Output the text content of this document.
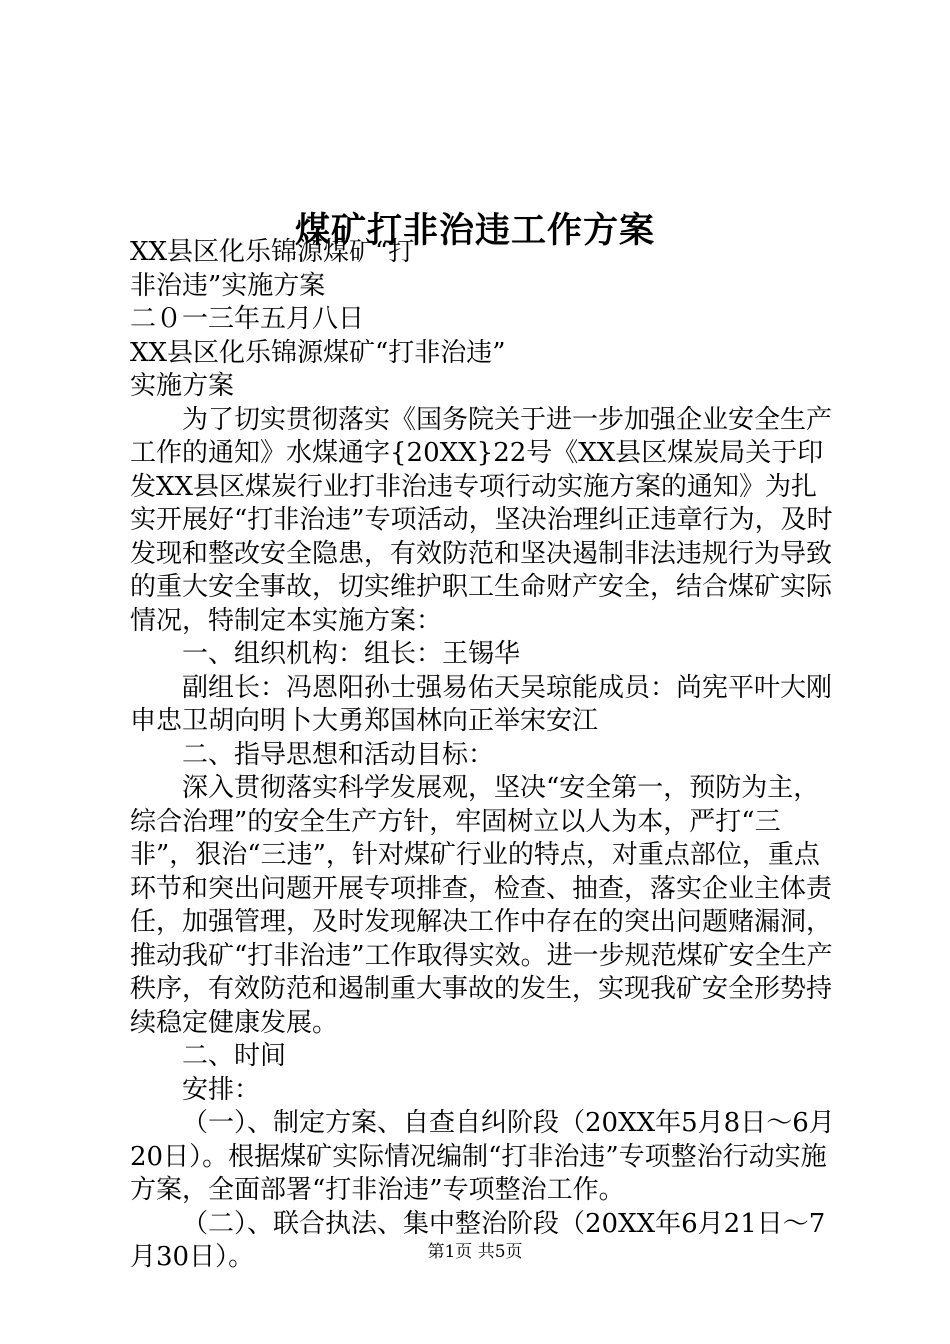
煤矿打非治违工作方案

XX县区化乐锦源煤矿“打

非治违”实施方案

二０一三年五月八日

XX县区化乐锦源煤矿“打非治违”

实施方案

为了切实贯彻落实《国务院关于进一步加强企业安全生产工作的通知》水煤通字{20XX}22号《XX县区煤炭局关于印发XX县区煤炭行业打非治违专项行动实施方案的通知》为扎实开展好“打非治违”专项活动，坚决治理纠正违章行为，及时发现和整改安全隐患，有效防范和坚决遏制非法违规行为导致的重大安全事故，切实维护职工生命财产安全，结合煤矿实际情况，特制定本实施方案：

一、组织机构：组长：王锡华

副组长：冯恩阳孙士强易佑天吴琼能成员：尚宪平叶大刚申忠卫胡向明卜大勇郑国林向正举宋安江

二、指导思想和活动目标：

深入贯彻落实科学发展观，坚决“安全第一，预防为主，综合治理”的安全生产方针，牢固树立以人为本，严打“三非”，狠治“三违”，针对煤矿行业的特点，对重点部位，重点环节和突出问题开展专项排查，检查、抽查，落实企业主体责任，加强管理，及时发现解决工作中存在的突出问题赌漏洞，推动我矿“打非治违”工作取得实效。进一步规范煤矿安全生产秩序，有效防范和遏制重大事故的发生，实现我矿安全形势持续稳定健康发展。

二、时间

安排：

（一）、制定方案、自查自纠阶段（20XX年5月8日～6月20日）。根据煤矿实际情况编制“打非治违”专项整治行动实施方案，全面部署“打非治违”专项整治工作。

（二）、联合执法、集中整治阶段（20XX年6月21日～7月30日）。	第1页 共5页
